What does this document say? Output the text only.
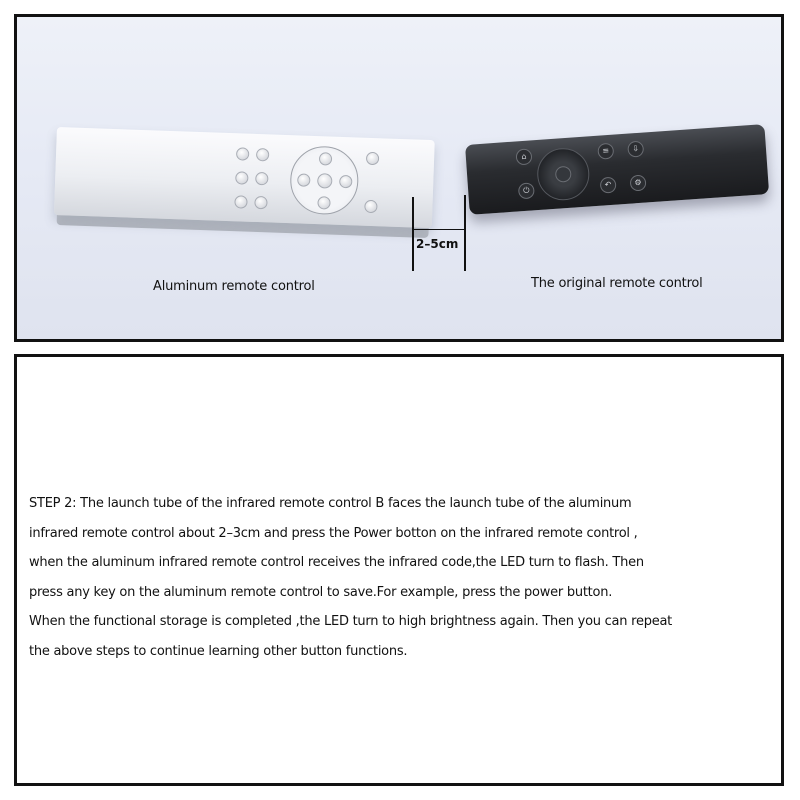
⌂
⏻
≡
↶
⇩
⚙
2–5cm
Aluminum remote control	The original remote control
STEP 2: The launch tube of the infrared remote control B faces the launch tube of the aluminum
infrared remote control about 2–3cm and press the Power botton on the infrared remote control ,
when the aluminum infrared remote control receives the infrared code,the LED turn to flash. Then
press any key on the aluminum remote control to save.For example, press the power button.
When the functional storage is completed ,the LED turn to high brightness again. Then you can repeat
the above steps to continue learning other button functions.
